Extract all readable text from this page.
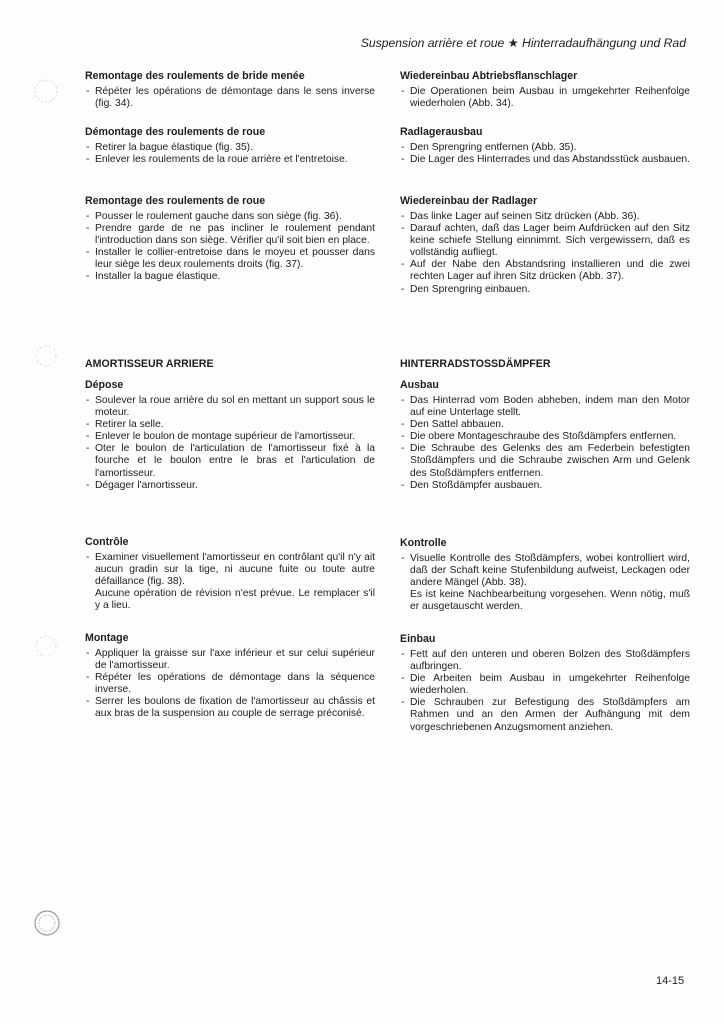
Suspension arrière et roue ★ Hinterradaufhängung und Rad
Remontage des roulements de bride menée
- Répéter les opérations de démontage dans le sens inverse (fig. 34).
Démontage des roulements de roue
- Retirer la bague élastique (fig. 35).
- Enlever les roulements de la roue arrière et l'entretoise.
Remontage des roulements de roue
- Pousser le roulement gauche dans son siège (fig. 36).
- Prendre garde de ne pas incliner le roulement pendant l'introduction dans son siège. Vérifier qu'il soit bien en place.
- Installer le collier-entretoise dans le moyeu et pousser dans leur siège les deux roulements droits (fig. 37).
- Installer la bague élastique.
AMORTISSEUR ARRIERE
Dépose
- Soulever la roue arrière du sol en mettant un support sous le moteur.
- Retirer la selle.
- Enlever le boulon de montage supérieur de l'amortisseur.
- Oter le boulon de l'articulation de l'amortisseur fixé à la fourche et le boulon entre le bras et l'articulation de l'amortisseur.
- Dégager l'amortisseur.
Contrôle
- Examiner visuellement l'amortisseur en contrôlant qu'il n'y ait aucun gradin sur la tige, ni aucune fuite ou toute autre défaillance (fig. 38).
Aucune opération de révision n'est prévue. Le remplacer s'il y a lieu.
Montage
- Appliquer la graisse sur l'axe inférieur et sur celui supérieur de l'amortisseur.
- Répéter les opérations de démontage dans la séquence inverse.
- Serrer les boulons de fixation de l'amortisseur au châssis et aux bras de la suspension au couple de serrage préconisé.
Wiedereinbau Abtriebsflanschlager
- Die Operationen beim Ausbau in umgekehrter Reihenfolge wiederholen (Abb. 34).
Radlagerausbau
- Den Sprengring entfernen (Abb. 35).
- Die Lager des Hinterrades und das Abstandsstück ausbauen.
Wiedereinbau der Radlager
- Das linke Lager auf seinen Sitz drücken (Abb. 36).
- Darauf achten, daß das Lager beim Aufdrücken auf den Sitz keine schiefe Stellung einnimmt. Sich vergewissern, daß es vollständig aufliegt.
- Auf der Nabe den Abstandsring installieren und die zwei rechten Lager auf ihren Sitz drücken (Abb. 37).
- Den Sprengring einbauen.
HINTERRADSTOSSDÄMPFER
Ausbau
- Das Hinterrad vom Boden abheben, indem man den Motor auf eine Unterlage stellt.
- Den Sattel abbauen.
- Die obere Montageschraube des Stoßdämpfers entfernen.
- Die Schraube des Gelenks des am Federbein befestigten Stoßdämpfers und die Schraube zwischen Arm und Gelenk des Stoßdämpfers entfernen.
- Den Stoßdämpfer ausbauen.
Kontrolle
- Visuelle Kontrolle des Stoßdämpfers, wobei kontrolliert wird, daß der Schaft keine Stufenbildung aufweist, Leckagen oder andere Mängel (Abb. 38).
Es ist keine Nachbearbeitung vorgesehen. Wenn nötig, muß er ausgetauscht werden.
Einbau
- Fett auf den unteren und oberen Bolzen des Stoßdämpfers aufbringen.
- Die Arbeiten beim Ausbau in umgekehrter Reihenfolge wiederholen.
- Die Schrauben zur Befestigung des Stoßdämpfers am Rahmen und an den Armen der Aufhängung mit dem vorgeschriebenen Anzugsmoment anziehen.
14-15
